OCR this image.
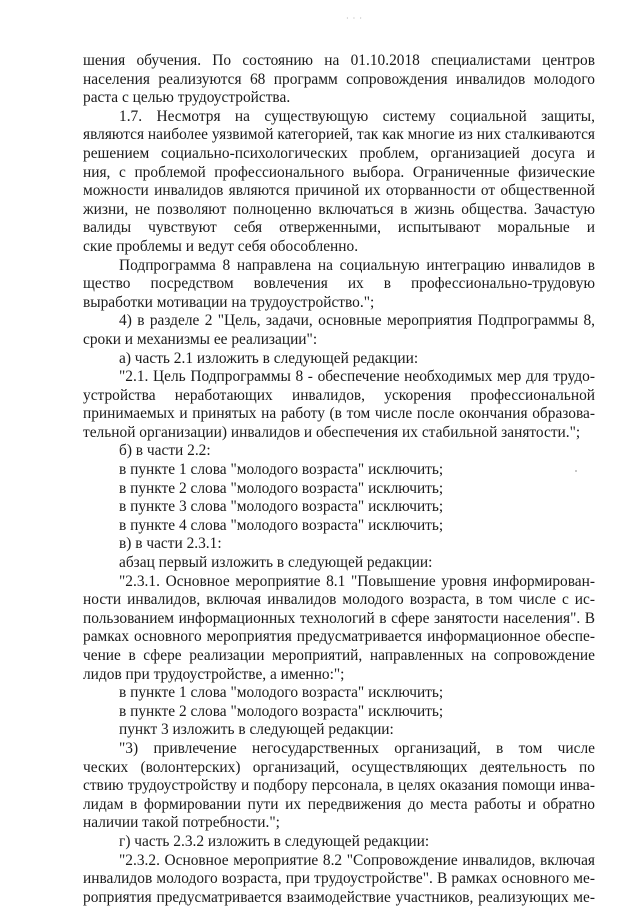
· · ·
шения обучения. По состоянию на 01.10.2018 специалистами центров
населения реализуются 68 программ сопровождения инвалидов молодого
раста с целью трудоустройства.
1.7. Несмотря на существующую систему социальной защиты,
являются наиболее уязвимой категорией, так как многие из них сталкиваются
решением социально-психологических проблем, организацией досуга и
ния, с проблемой профессионального выбора. Ограниченные физические
можности инвалидов являются причиной их оторванности от общественной
жизни, не позволяют полноценно включаться в жизнь общества. Зачастую
валиды чувствуют себя отверженными, испытывают моральные и
ские проблемы и ведут себя обособленно.
Подпрограмма 8 направлена на социальную интеграцию инвалидов в
щество посредством вовлечения их в профессионально-трудовую
выработки мотивации на трудоустройство.";
4) в разделе 2 "Цель, задачи, основные мероприятия Подпрограммы 8,
сроки и механизмы ее реализации":
а) часть 2.1 изложить в следующей редакции:
"2.1. Цель Подпрограммы 8 - обеспечение необходимых мер для трудо-
устройства неработающих инвалидов, ускорения профессиональной
принимаемых и принятых на работу (в том числе после окончания образова-
тельной организации) инвалидов и обеспечения их стабильной занятости.";
б) в части 2.2:
в пункте 1 слова "молодого возраста" исключить;
в пункте 2 слова "молодого возраста" исключить;
в пункте 3 слова "молодого возраста" исключить;
в пункте 4 слова "молодого возраста" исключить;
в) в части 2.3.1:
абзац первый изложить в следующей редакции:
"2.3.1. Основное мероприятие 8.1 "Повышение уровня информирован-
ности инвалидов, включая инвалидов молодого возраста, в том числе с ис-
пользованием информационных технологий в сфере занятости населения". В
рамках основного мероприятия предусматривается информационное обеспе-
чение в сфере реализации мероприятий, направленных на сопровождение
лидов при трудоустройстве, а именно:";
в пункте 1 слова "молодого возраста" исключить;
в пункте 2 слова "молодого возраста" исключить;
пункт 3 изложить в следующей редакции:
"3) привлечение негосударственных организаций, в том числе
ческих (волонтерских) организаций, осуществляющих деятельность по
ствию трудоустройству и подбору персонала, в целях оказания помощи инва-
лидам в формировании пути их передвижения до места работы и обратно
наличии такой потребности.";
г) часть 2.3.2 изложить в следующей редакции:
"2.3.2. Основное мероприятие 8.2 "Сопровождение инвалидов, включая
инвалидов молодого возраста, при трудоустройстве". В рамках основного ме-
роприятия предусматривается взаимодействие участников, реализующих ме-
